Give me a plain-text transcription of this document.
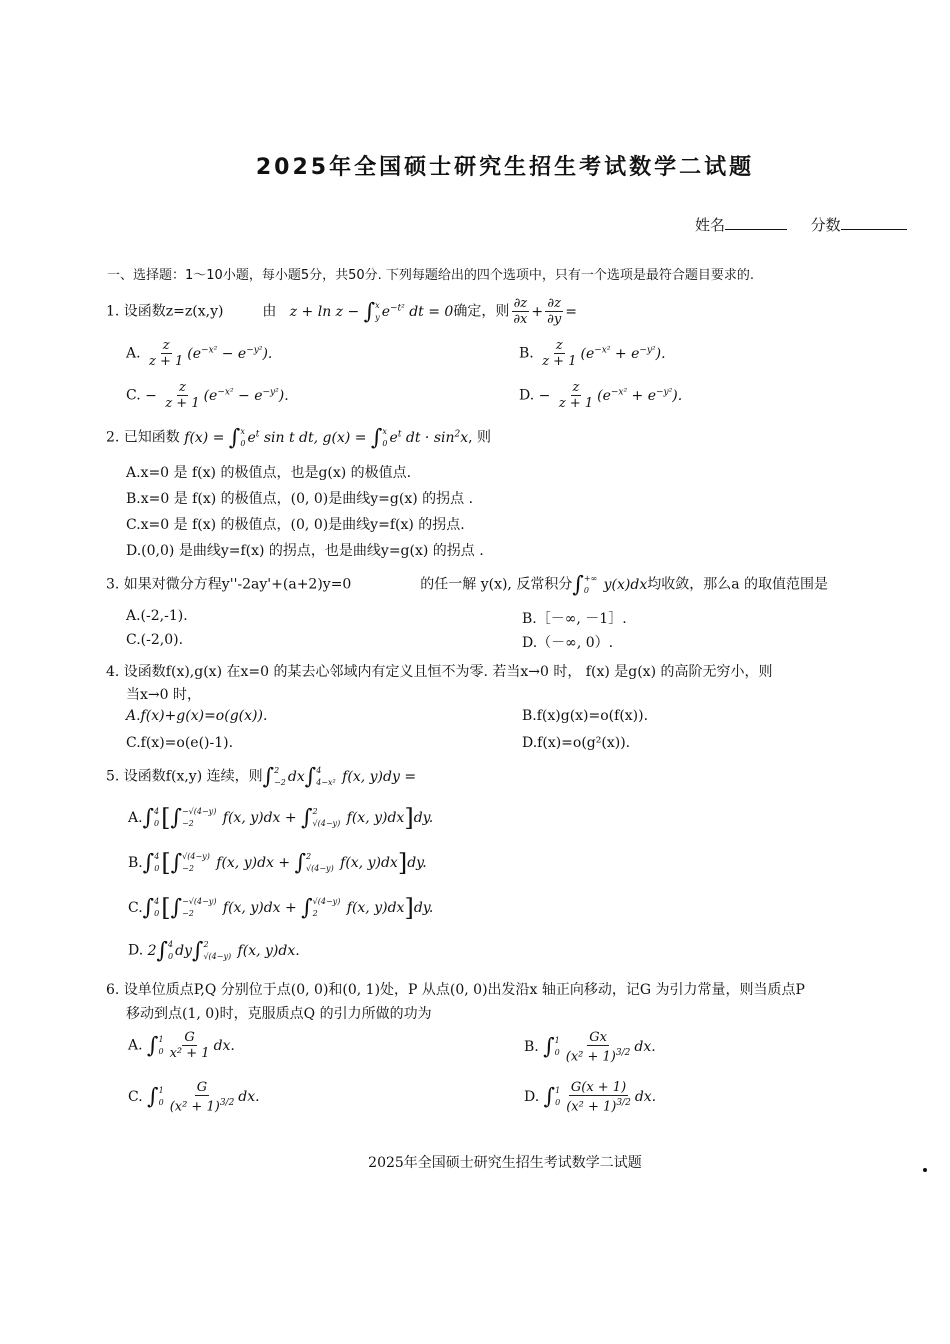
2025年全国硕士研究生招生考试数学二试题
姓名	分数
一、选择题：1～10小题，每小题5分，共50分. 下列每题给出的四个选项中，只有一个选项是最符合题目要求的.
1. 设函数z=z(x,y)	由   z + ln z − ∫ x
y $e^{-t^2}$ dt = 0确定，则 $\frac{\partial z}{\partial x} + \frac{\partial z}{\partial y}$ =
A. $\frac{z}{z + 1} (e^{-x^2} - e^{-y^2})$.	B. $\frac{z}{z + 1} (e^{-x^2} + e^{-y^2})$.
C. − $\frac{z}{z + 1} (e^{-x^2} - e^{-y^2})$.	D. − $\frac{z}{z + 1} (e^{-x^2} + e^{-y^2})$.
2. 已知函数 f(x) = ∫ x
0 $e^t$ sin t dt, g(x) = ∫ x
0 $e^t$ dt · $\sin^2x$, 则
A.x=0 是 f(x) 的极值点，也是g(x) 的极值点.
B.x=0 是 f(x) 的极值点，(0, 0)是曲线y=g(x) 的拐点 .
C.x=0 是 f(x) 的极值点，(0, 0)是曲线y=f(x) 的拐点.
D.(0,0) 是曲线y=f(x) 的拐点，也是曲线y=g(x) 的拐点 .
3. 如果对微分方程y''-2ay'+(a+2)y=0	的任一解 y(x), 反常积分∫ +∞
0 y(x)dx均收敛，那么a 的取值范围是
A.(-2,-1).	B.［－∞, －1］.
C.(-2,0).	D.（－∞, 0）.
4. 设函数f(x),g(x) 在x=0 的某去心邻域内有定义且恒不为零. 若当x→0 时， f(x) 是g(x) 的高阶无穷小，则
当x→0 时，
A.f(x)+g(x)=o(g(x)).	B.f(x)g(x)=o(f(x)).
C.f(x)=o(e()-1).	D.f(x)=o(g²(x)).
5. 设函数f(x,y) 连续，则∫ 2
−2 dx∫ 4
4−x² f(x, y)dy =
A.∫ 4
0 [∫ −√(4−y)
−2	f(x, y)dx + ∫ 2
√(4−y) f(x, y)dx]dy.
B.∫ 4
0 [∫ √(4−y)
−2	f(x, y)dx + ∫ 2
√(4−y) f(x, y)dx]dy.
C.∫ 4
0 [∫ −√(4−y)
−2	f(x, y)dx + ∫ √(4−y)
2	f(x, y)dx]dy.
D. 2∫ 4
0 dy∫ 2
√(4−y) f(x, y)dx.
6. 设单位质点P,Q 分别位于点(0, 0)和(0, 1)处，P 从点(0, 0)出发沿x 轴正向移动，记G 为引力常量，则当质点P
移动到点(1, 0)时，克服质点Q 的引力所做的功为
A. ∫ 1
$0 \frac{G}{\text{x² + 1}}$ dx.	B. ∫ 1
$0 \frac{Gx}{(x^2 + 1)^{3/2}}$ dx.
C. ∫ 1
$0 \frac{G}{(x^2 + 1)^{3/2}}$ dx.	D. ∫ 1
$0 \frac{G(x + 1)}{(x^2 + 1)^{3/2}}$ dx.
2025年全国硕士研究生招生考试数学二试题
